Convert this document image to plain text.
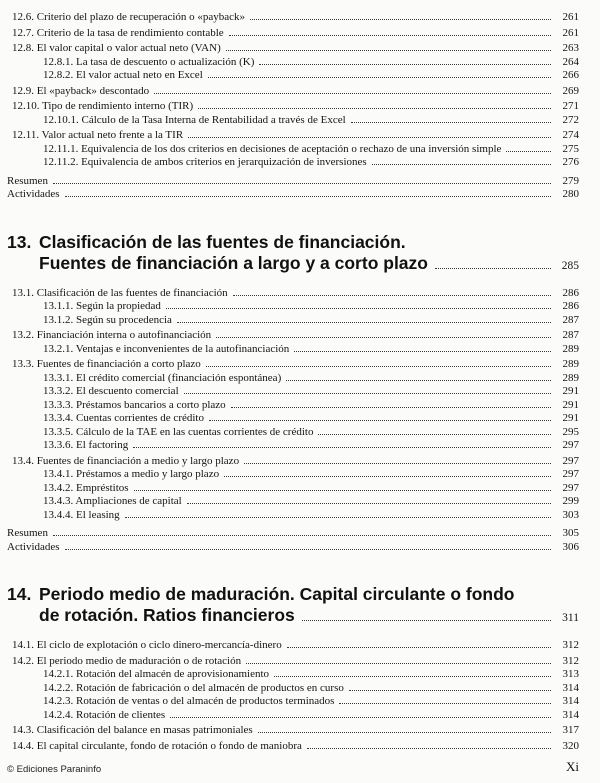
12.6. Criterio del plazo de recuperación o «payback»	261
12.7. Criterio de la tasa de rendimiento contable	261
12.8. El valor capital o valor actual neto (VAN)	263
12.8.1. La tasa de descuento o actualización (K)	264
12.8.2. El valor actual neto en Excel	266
12.9. El «payback» descontado	269
12.10. Tipo de rendimiento interno (TIR)	271
12.10.1. Cálculo de la Tasa Interna de Rentabilidad a través de Excel	272
12.11. Valor actual neto frente a la TIR	274
12.11.1. Equivalencia de los dos criterios en decisiones de aceptación o rechazo de una inversión simple	275
12.11.2. Equivalencia de ambos criterios en jerarquización de inversiones	276
Resumen	279
Actividades	280
13. Clasificación de las fuentes de financiación.
Fuentes de financiación a largo y a corto plazo	285
13.1. Clasificación de las fuentes de financiación	286
13.1.1. Según la propiedad	286
13.1.2. Según su procedencia	287
13.2. Financiación interna o autofinanciación	287
13.2.1. Ventajas e inconvenientes de la autofinanciación	289
13.3. Fuentes de financiación a corto plazo	289
13.3.1. El crédito comercial (financiación espontánea)	289
13.3.2. El descuento comercial	291
13.3.3. Préstamos bancarios a corto plazo	291
13.3.4. Cuentas corrientes de crédito	291
13.3.5. Cálculo de la TAE en las cuentas corrientes de crédito	295
13.3.6. El factoring	297
13.4. Fuentes de financiación a medio y largo plazo	297
13.4.1. Préstamos a medio y largo plazo	297
13.4.2. Empréstitos	297
13.4.3. Ampliaciones de capital	299
13.4.4. El leasing	303
Resumen	305
Actividades	306
14. Periodo medio de maduración. Capital circulante o fondo
de rotación. Ratios financieros	311
14.1. El ciclo de explotación o ciclo dinero-mercancía-dinero	312
14.2. El periodo medio de maduración o de rotación	312
14.2.1. Rotación del almacén de aprovisionamiento	313
14.2.2. Rotación de fabricación o del almacén de productos en curso	314
14.2.3. Rotación de ventas o del almacén de productos terminados	314
14.2.4. Rotación de clientes	314
14.3. Clasificación del balance en masas patrimoniales	317
14.4. El capital circulante, fondo de rotación o fondo de maniobra	320
© Ediciones Paraninfo	Xi
